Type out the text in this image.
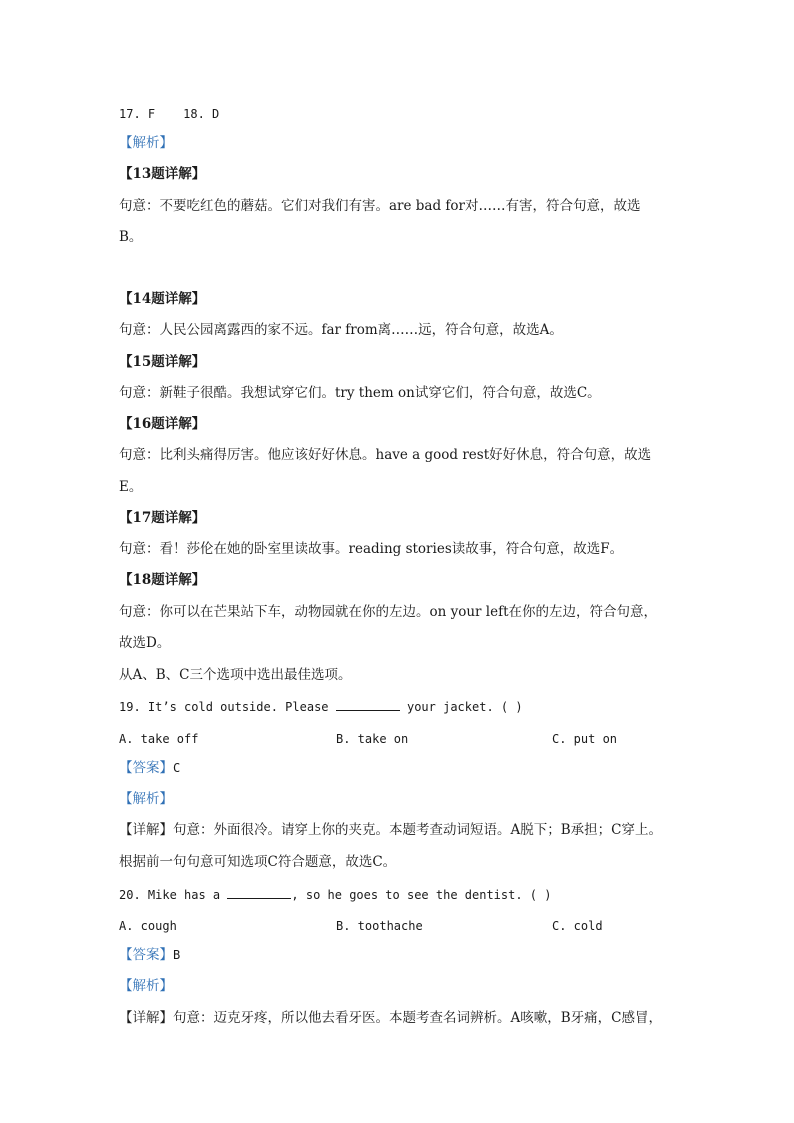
17. F 18. D
【解析】
【13题详解】
句意：不要吃红色的蘑菇。它们对我们有害。are bad for对……有害，符合句意，故选
B。
【14题详解】
句意：人民公园离露西的家不远。far from离……远，符合句意，故选A。
【15题详解】
句意：新鞋子很酷。我想试穿它们。try them on试穿它们，符合句意，故选C。
【16题详解】
句意：比利头痛得厉害。他应该好好休息。have a good rest好好休息，符合句意，故选
E。
【17题详解】
句意：看！莎伦在她的卧室里读故事。reading stories读故事，符合句意，故选F。
【18题详解】
句意：你可以在芒果站下车，动物园就在你的左边。on your left在你的左边，符合句意，
故选D。
从A、B、C三个选项中选出最佳选项。
19. It’s cold outside. Please	your jacket. ( )
A. take off	B. take on	C. put on
【答案】C
【解析】
【详解】句意：外面很冷。请穿上你的夹克。本题考查动词短语。A脱下；B承担；C穿上。
根据前一句句意可知选项C符合题意，故选C。
20. Mike has a	, so he goes to see the dentist. ( )
A. cough	B. toothache	C. cold
【答案】B
【解析】
【详解】句意：迈克牙疼，所以他去看牙医。本题考查名词辨析。A咳嗽，B牙痛，C感冒，
